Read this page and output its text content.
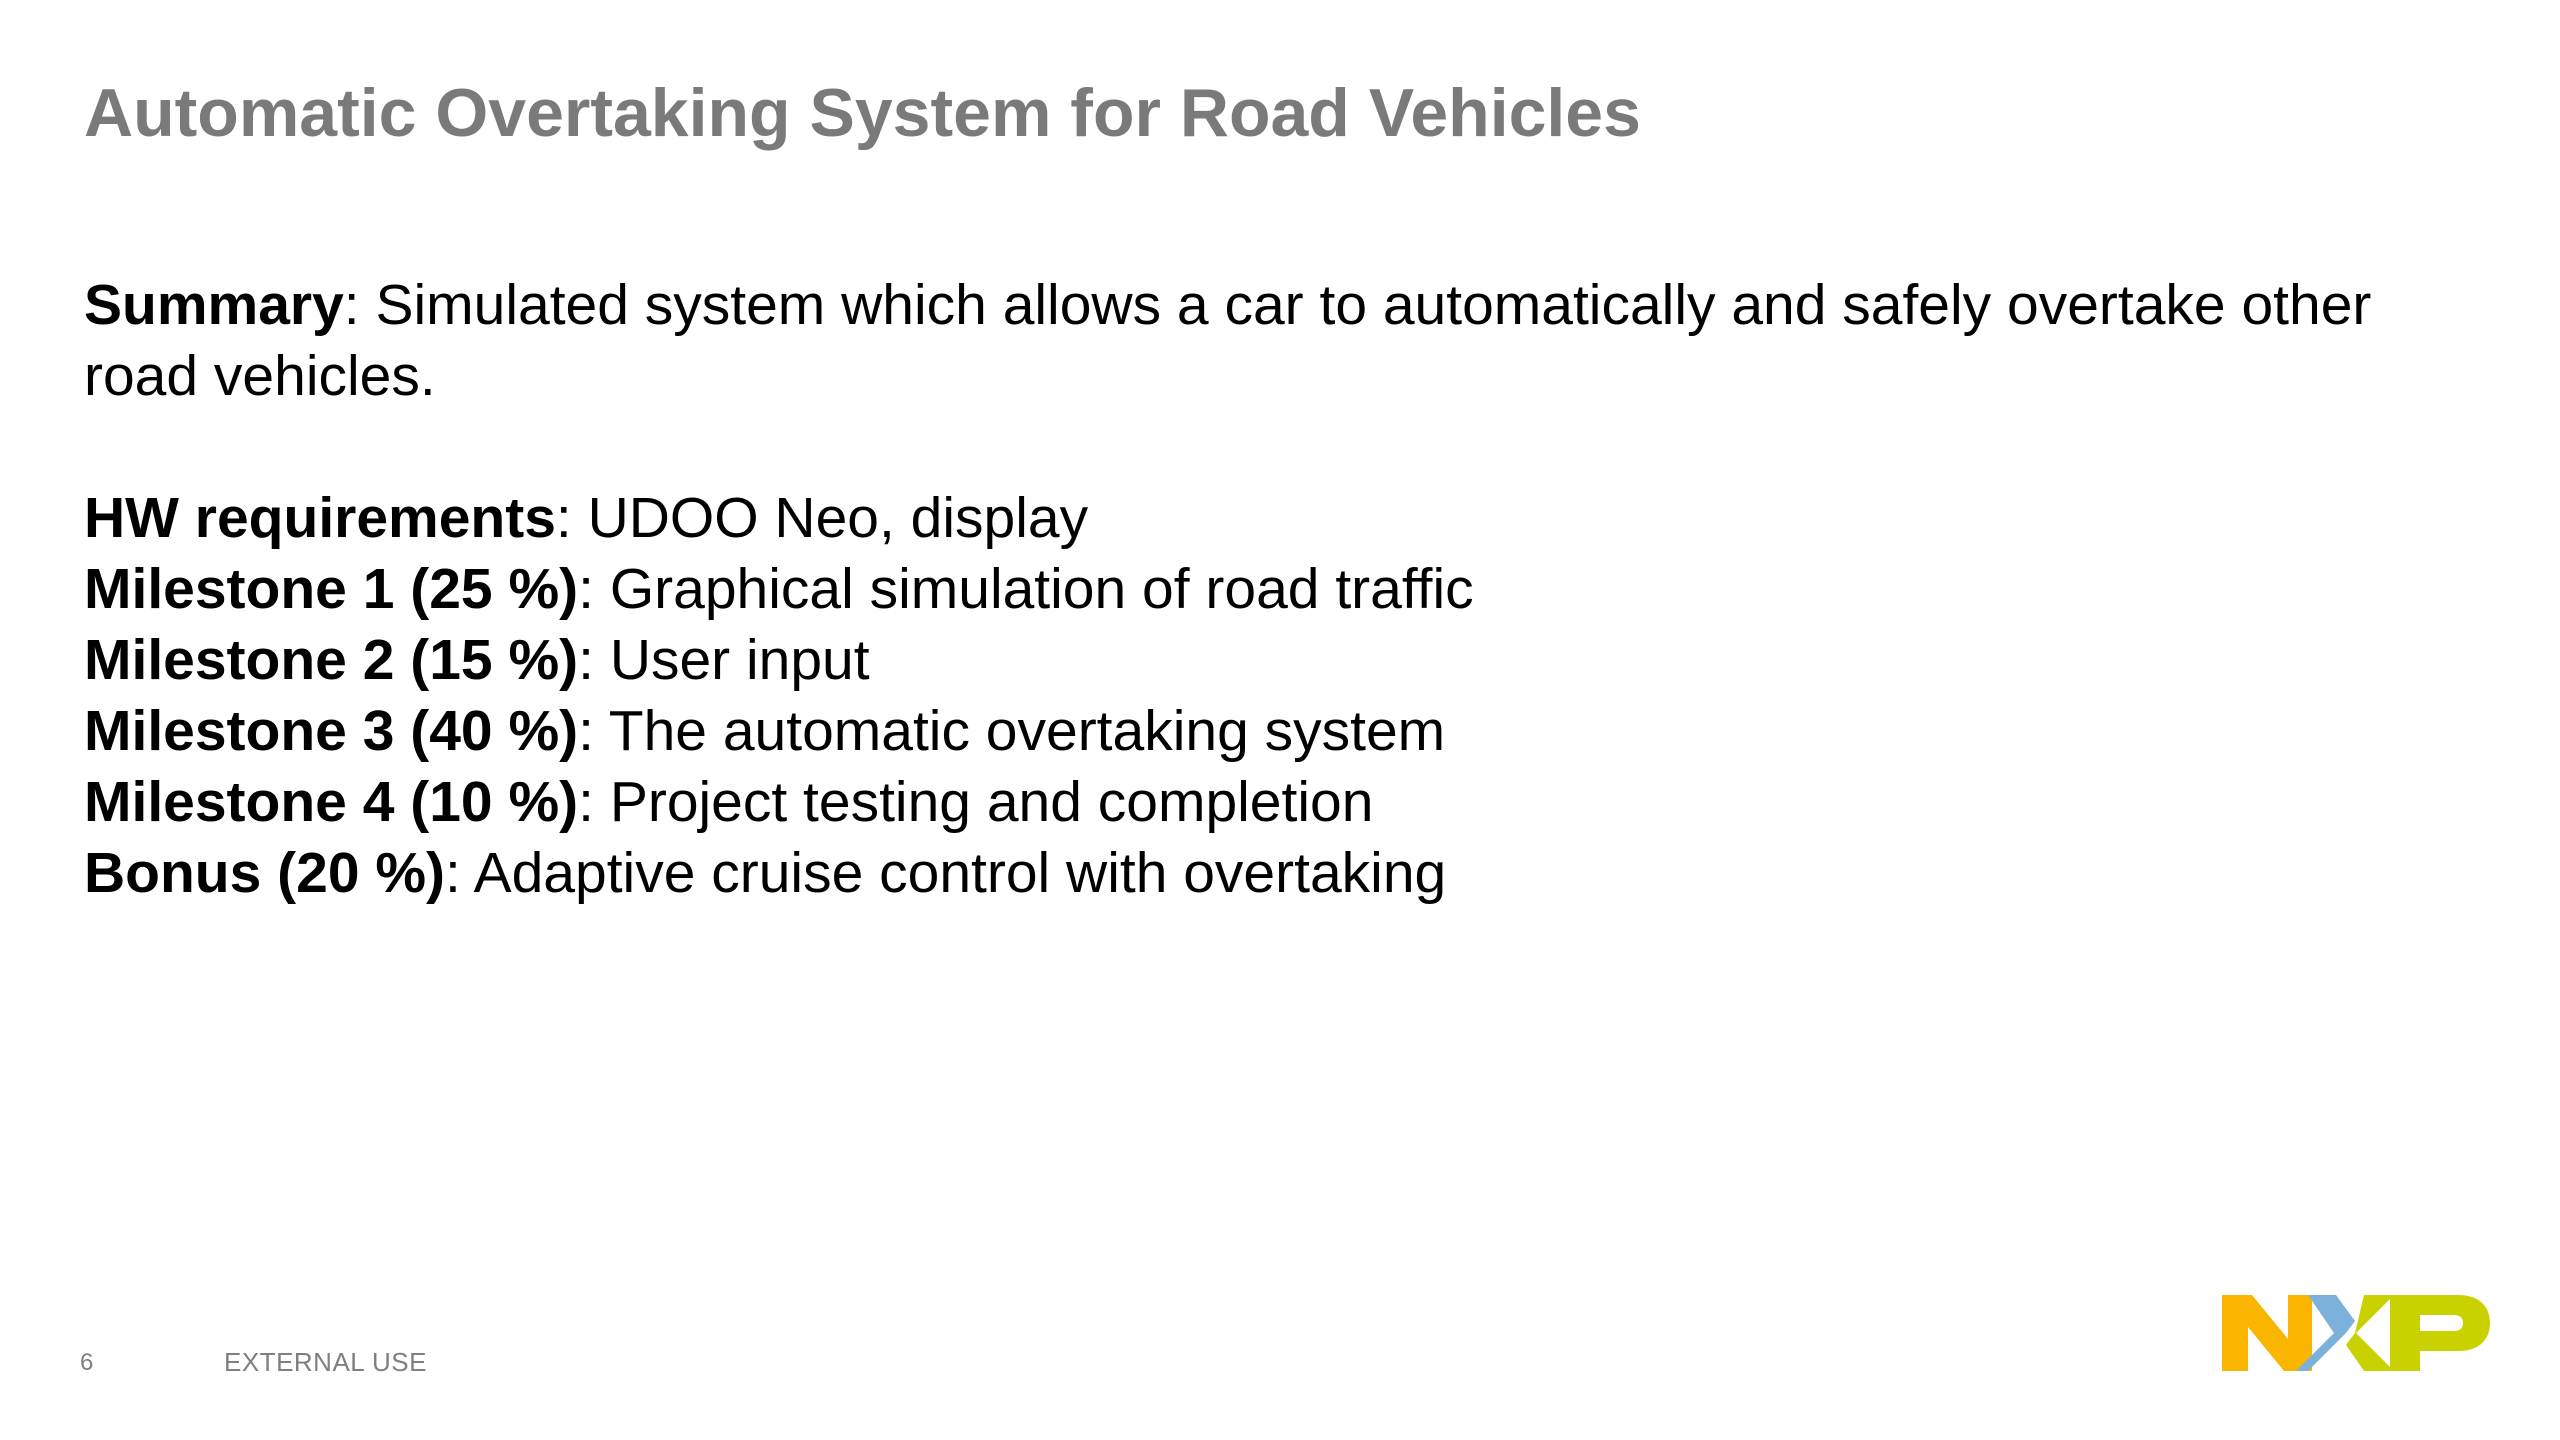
Automatic Overtaking System for Road Vehicles

Summary: Simulated system which allows a car to automatically and safely overtake other road vehicles.

HW requirements: UDOO Neo, display

Milestone 1 (25 %): Graphical simulation of road traffic

Milestone 2 (15 %): User input

Milestone 3 (40 %): The automatic overtaking system

Milestone 4 (10 %): Project testing and completion

Bonus (20 %): Adaptive cruise control with overtaking

6	EXTERNAL USE
